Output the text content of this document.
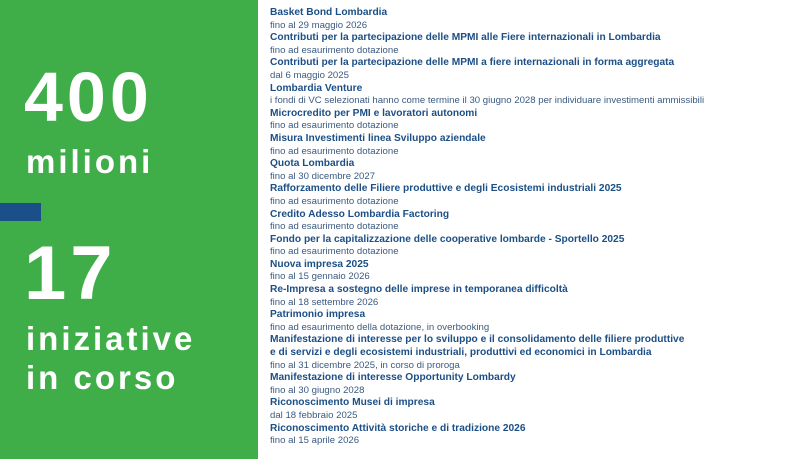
400
milioni
17
iniziative
in corso
Basket Bond Lombardia
fino al 29 maggio 2026
Contributi per la partecipazione delle MPMI alle Fiere internazionali in Lombardia
fino ad esaurimento dotazione
Contributi per la partecipazione delle MPMI a fiere internazionali in forma aggregata
dal 6 maggio 2025
Lombardia Venture
i fondi di VC selezionati hanno come termine il 30 giugno 2028 per individuare investimenti ammissibili
Microcredito per PMI e lavoratori autonomi
fino ad esaurimento dotazione
Misura Investimenti linea Sviluppo aziendale
fino ad esaurimento dotazione
Quota Lombardia
fino al 30 dicembre 2027
Rafforzamento delle Filiere produttive e degli Ecosistemi industriali 2025
fino ad esaurimento dotazione
Credito Adesso Lombardia Factoring
fino ad esaurimento dotazione
Fondo per la capitalizzazione delle cooperative lombarde - Sportello 2025
fino ad esaurimento dotazione
Nuova impresa 2025
fino al 15 gennaio 2026
Re-Impresa a sostegno delle imprese in temporanea difficoltà
fino al 18 settembre 2026
Patrimonio impresa
fino ad esaurimento della dotazione, in overbooking
Manifestazione di interesse per lo sviluppo e il consolidamento delle filiere produttive
e di servizi e degli ecosistemi industriali, produttivi ed economici in Lombardia
fino al 31 dicembre 2025, in corso di proroga
Manifestazione di interesse Opportunity Lombardy
fino al 30 giugno 2028
Riconoscimento Musei di impresa
dal 18 febbraio 2025
Riconoscimento Attività storiche e di tradizione 2026
fino al 15 aprile 2026
